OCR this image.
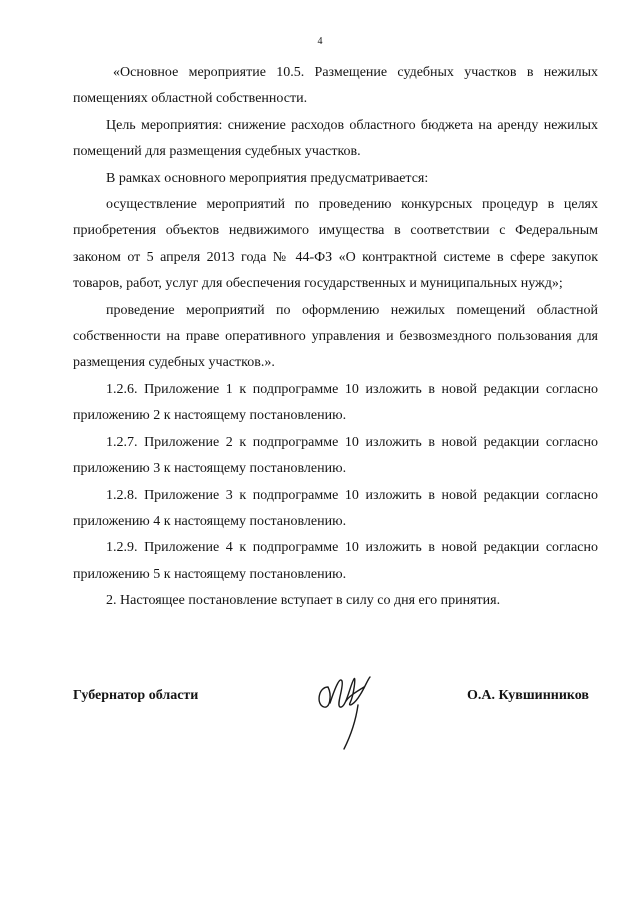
4

«Основное мероприятие 10.5. Размещение судебных участков в нежилых помещениях областной собственности.

Цель мероприятия: снижение расходов областного бюджета на аренду нежилых помещений для размещения судебных участков.

В рамках основного мероприятия предусматривается:

осуществление мероприятий по проведению конкурсных процедур в целях приобретения объектов недвижимого имущества в соответствии с Федеральным законом от 5 апреля 2013 года № 44-ФЗ «О контрактной системе в сфере закупок товаров, работ, услуг для обеспечения государственных и муниципальных нужд»;

проведение мероприятий по оформлению нежилых помещений областной собственности на праве оперативного управления и безвозмездного пользования для размещения судебных участков.».

1.2.6. Приложение 1 к подпрограмме 10 изложить в новой редакции согласно приложению 2 к настоящему постановлению.

1.2.7. Приложение 2 к подпрограмме 10 изложить в новой редакции согласно приложению 3 к настоящему постановлению.

1.2.8. Приложение 3 к подпрограмме 10 изложить в новой редакции согласно приложению 4 к настоящему постановлению.

1.2.9. Приложение 4 к подпрограмме 10 изложить в новой редакции согласно приложению 5 к настоящему постановлению.

2. Настоящее постановление вступает в силу со дня его принятия.

Губернатор области	О.А. Кувшинников
